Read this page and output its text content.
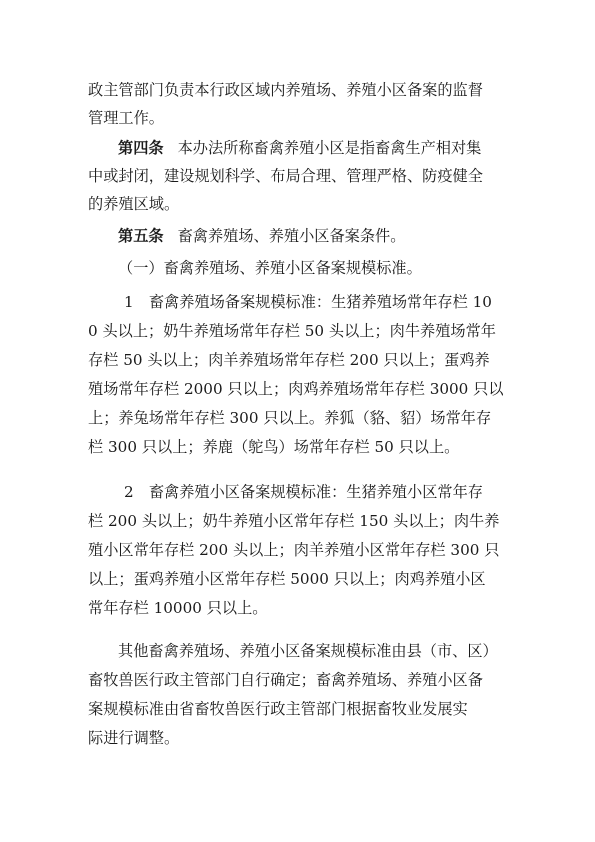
政主管部门负责本行政区域内养殖场、养殖小区备案的监督
管理工作。
第四条 本办法所称畜禽养殖小区是指畜禽生产相对集
中或封闭，建设规划科学、布局合理、管理严格、防疫健全
的养殖区域。
第五条 畜禽养殖场、养殖小区备案条件。
（一）畜禽养殖场、养殖小区备案规模标准。
1　畜禽养殖场备案规模标准：生猪养殖场常年存栏 10
0 头以上；奶牛养殖场常年存栏 50 头以上；肉牛养殖场常年
存栏 50 头以上；肉羊养殖场常年存栏 200 只以上；蛋鸡养
殖场常年存栏 2000 只以上；肉鸡养殖场常年存栏 3000 只以
上；养兔场常年存栏 300 只以上。养狐（貉、貂）场常年存
栏 300 只以上；养鹿（鸵鸟）场常年存栏 50 只以上。
2　畜禽养殖小区备案规模标准：生猪养殖小区常年存
栏 200 头以上；奶牛养殖小区常年存栏 150 头以上；肉牛养
殖小区常年存栏 200 头以上；肉羊养殖小区常年存栏 300 只
以上；蛋鸡养殖小区常年存栏 5000 只以上；肉鸡养殖小区
常年存栏 10000 只以上。
其他畜禽养殖场、养殖小区备案规模标准由县（市、区）
畜牧兽医行政主管部门自行确定；畜禽养殖场、养殖小区备
案规模标准由省畜牧兽医行政主管部门根据畜牧业发展实
际进行调整。
